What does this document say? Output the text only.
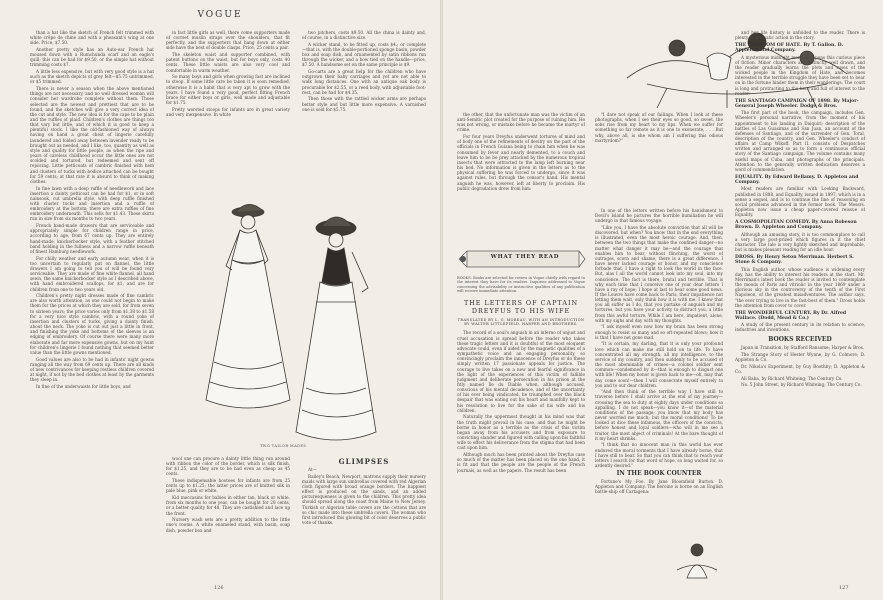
VOGUE

than a hat like the sketch of French felt trimmed with white crêpe de chine and with a pheasant's wing at one side. Price, $7.50.

Another pretty style has an Auto-ear French hat moused down with a Rumchunda scarf and an eagle's quill; this can be had for $9.50, or the simple hat without trimming costs $7.

A little less expensive, but with very good style is a hat such as the sketch depicts of grey felt—$5.75 untrimmed, or $5 trimmed.

There is never a season when the above mentioned things are not necessary, and no well dressed woman will consider her wardrobe complete without them. Those selected are the newest and prettiest that are to be found, and the sketches will give a very correct idea of the cut and style. The new idea is for the cape to be plain and the ruffles of plaid. Children's clothes are things too that vary but little, and of which it is good to keep a plentiful stock. I like the old-fashioned way of always having on hand a great chest of lingerie carefully laundered and folded away between lavender ready to be brought out as needed, and I like, too, quantity as well as style and quality for little people, as when the ripe and years of careless childhood occur the little ones are not scolded and tortured, but redeemed and sent off rejoicing. Little petticoats of cambric finished with hem and clusters of tucks with bodice attached can be bought for 59 cents; at that rate it is absurd to think of making clothes.

In fine lawn with a deep ruffle of needlework and lace insertion a dainty petticoat can be had for $1, or in soft nainsook, cut umbrella style, with deep ruffle finished with cluster tucks and insertion and a ruffle of embroidery at the bottom; there are extra ruffles of fine embroidery underneath. This sells for $1.43. These skirts run in size from six months to two years.

French hand-made drawers that are serviceable and appropriately simple for children range in price, according to age, from 67 cents up. They are entirely hand-made, knickerbocker style, with a feather stitched band holding in the fullness and a narrow ruffle beneath of finest Hamburg needlework.

For chilly weather and early autumn wear, when it is too uncertain to regularly put on flannel, the little drawers I am going to tell you of will be found very serviceable. They are made of fine white flannel, all hand sewn, the same knickerbocker style as I described above, with hand embroidered scallops, for $1, and are for children from one to two years old.

Children's pretty night dresses made of fine cambric are also worth attention, as one could not begin to make them for the prices at which they are sold, for from seven to sixteen years; the price varies only from $1.38 to $1.58 for a very nice style cambric, with a round yoke of insertion and clusters of tucks, giving a dainty finish, about the neck. The yoke is cut out just a little in front, and finishing the yoke and bottoms of the sleeves is an edging of embroidery. Of course there were many more elaborate and far more expensive gowns, but on my hunt for children's lingerie I found nothing that seemed better value than the little gowns mentioned.

Good values are also to be had in infants' night gowns ranging all the way from 69 cents up. There are all kinds of new contrivances for keeping restless children covered at night, if not by the bed clothes at least by the garments they sleep in.

In fine of the underwaists for little boys, and

in fact little girls as well, there come supporters made of corrset muslin straps over the shoulders, that fit perfectly, and the supporters that hang down at either side have the best of double clasps. Price, 25 cents a pair.

The skeleton waist and supporter combined, with patent buttons on the waist, but for boys only, costs 40 cents. These little waists are also very cool and comfortable in warm weather.

So many boys and girls when growing fast are inclined to stoop. If some little care be taken it is soon remedied, otherwise it is a habit that is very apt to grow with the years. I have found a very good, perfect fitting French brace for either boys or girls, well made and adjustable for $1.75.

Pretty worsted stoops for infants are in great variety and very inexpensive. In white

two pitchers, costs $9.50. All the china is dainty and, of course, in a distinctive size.

A wicker stand, to be fitted up, costs $4.; or complete—that is, with the double-portioned sponge basin, powder box and soap dish, and ornamented by satin ribbons run through the wicker, and a bow tied on the handle—price, $7.50. A handsome set on the same principle is $9.

Go-carts are a great help for the children who have outgrown their baby carriages and yet are not able to walk long distances. One with an antique oak body is procurable for $2.55, or a reed body, with adjustable foot-rest, can be had for $4.35.

Then those with the rattled wicker arms are perhaps better style and but little more expensive. A varnished one is sold for $5.75.

TWO TAILOR-MADES

wool one can procure a dainty little thing run around with ribbon the color of the border, which is silk finish, for $1.25, and they are to be had even as cheap as 45 cents.

These indispensable bootees for infants are from 25 cents up to $1.25; the latter prices are of knitted silk in pale blue, pink or white.

Kid moccasins for babies in either tan, black or white, from six months to one year, can be bought for 28 cents, or a better quality for 48. They are castishied and lace up the front.

Nursery wash sets are a pretty addition to the little one's rooms. A white enameled stand, with basin, soap dish, powder box and

GLIMPSES

At—

Bailey's Beach, Newport, matrons supply their nursery maids with large sun umbrellas covered with red Algerian cloth figured with broad orange borders. The happiest effect is produced on the sands, and an added picturesqueness is given to the children. This pretty idea should spread along the coast from Maine to New Jersey. Turkish or Algerian table covers are the cottons that are so chic made into these umbrella covers. The woman who first introduced this glowing bit of color deserves a public vote of thanks.

126
WHAT THEY READ
BOOKS: Books are selected for review in Vogue chiefly with regard to the interest they have for its readers. Inquiries addressed to Vogue concerning the advisability or instructive qualities of any publication will receive immediate attention.
THE LETTERS OF CAPTAIN DREYFUS TO HIS WIFE
TRANSLATED BY L. G. MOREAU, WITH AN INTRODUCTION BY WALTER LITTLEFIELD. HARPER AND BROTHERS.

The record of a soul's anguish in an inferno of unjust and cruel accusation is spread before the reader who takes these tragic letters and it is doubtful of the most eloquent advocate could, even if aided by the magnetic qualities of a sympathetic voice and an engaging personality, so convincingly proclaim the innocence of Dreyfus or do these simply written 17 passionate appeals for justice. The courage to live takes on a new and fearful significance in the light of the experiences of this victim of fallible judgment and deliberate persecution in his prison at the fitly named Ile du Diable when, although accused, conscious of his mental decadence, and of the uncertainty of his ever being vindicated, he triumphed over the black despair that was eating out his heart and manfully kept to his resolution to live for the sake of his wife and his children.

Naturally the uppermost thought in his mind was that the truth might prevail in his case, and that he might be borne in honor as a terrible as the crisis of this victim began away from his accusers and from exposure to convicting slander and figured with calling upon his faithful wife to effect his deliverance from the stigma that had been cast upon him.

Although much has been printed about the Dreyfus case so much of the matter has been placed on the one hand, it is fit and that the people are the people of the French journals, as well as the papers. The result has been

In one of the letters written before his banishment to Devil's Island he pictures the horrible humiliation he will undergo in that famous voyage:

"Like you, I have the absolute conviction that all will be discovered, but when? You know that in the end everything is illustrated, even the most heroic courage. And, then, between the two things that make the confined danger—no matter what danger it may be—and the courage that enables him to bear, without flinching, the worst of outrages, scorn and shame, there is a great difference. I have never lacked courage or honor, and my conscience forbade that. I have a right to look the world in the face. But, alas I all the world cannot look into my soul, into my conscience. The fact is there, brutal and terrible. That is why each time that I conceive one of your dear letters I have a ray of hope; I hope at last to hear some good news. If the Louvre have come back to Paris, their impatience not letting them wait, only think how it is with me. I know that you all suffer as I do, that you partake of anguish and my tortures, but you have your activity to distract you, a little from this awful torture. While I am here, impatient, alone, with my sighs and day with my thoughts.

"I ask myself even now how my brain has been strong enough to resist so many and so oft-repeated blows; how it is that I have not gone mad.

"It is certain, my darling, that it is only your profound love which can make me still hold on to life. To have concentrated all my strength, all my intelligence, to the service of my country, and then suddenly to be accused of the most abominable of crimes—a colonel soldier sent common—condemned by it—that is enough to disgust one with life! When my honor is given back to me—oh, may that day come soon!—then I will consecrate myself entirely to you and to our dear children.

"And then think of the terrible way I have still to traverse before I shall arrive at the end of my journey—crossing the sea to duty at eighty days under conditions so appalling. I do not speak—you know it—of the material conditions of the passage; you know that my body has never worried me much; but the moral conditions! To be looked at dice these infamous, the officers of the convicts, before honest and loyal soldiers—who will in me see a traitor, the most abject of criminals! At the bare thought of it my heart shrinks.

"I think that no innocent man in this world has ever endured the moral torments that I have already borne, that I have still to bear. So that you can think that to reach your letters I search for that word of hope, so long waited for, so ardently desired."

IN THE BOOK COUNTER

Fortune's My Foe. By Jane Bloomfield Burton. D. Appleton and Company. The heroine is borne on an English battle-ship off Cartagena:

"I dare not speak of our failings. When I look at these photographs, when I see their eyes so good, so sweet, the sobs rise from my heart to my lips. When we suffer for something so far remote as it is one to exonerate, . . . But why, above all, is she whom am I suffering this odious martyrdom?"

and her life history is unfolded to the reader. There is plenty of dramatic action in the story.

THE KINGDOM OF HATE. By T. Gallon. D. Appleton and Company.

A mysterious midnight marriage opens this curious piece of fiction. Minor characters are distinctly well drawn, and the reader gradually learns the plots and ruses of the wicked people in the Kingdom of Hate, and becomes interested in the terrible struggle they have been set to bear on in the fortune hinder them in their wanderings. The court is long and protracting to the hero and full of interest to the reader.

THE SANTIAGO CAMPAIGN OF 1898. By Major-General Joseph Wheeler. Dodge & Bros.

The first part of the book, the campaign, includes Gen. Wheeler's personal narrative, from the moment of his appointment to his landing in Daiquiri; description of the battles of Las Guasimas and San Juan, an account of the defenses of Santiago, and of the surrender of Gen. Toral, description of the country, and Gen. Wheeler's conduct of affairs at Camp Wikoff. Part II. consists of Despatches written and arranged so as to form a continuous official story of the Santiago campaign. The volume contains many useful maps of Cuba, and photographs of the principals. Attention to the generally written dedication deserves a word of commendation.

EQUALITY. By Edward Bellamy. D. Appleton and Company.

Most readers are familiar with Looking Backward, published in 1888, and Equality, issued in 1897, which is in a sense a sequel, and is to continue the line of reasoning on social problems advanced in the former book. The Messrs. Appleton now issue a cheap paper-covered reissue of Equality.

A COSMOPOLITAN COMEDY. By Anna Robeson Brown. D. Appleton and Company.

Although an amusing story, it is too commonplace to call a very large post-prized which figures in it the chief character. The tale is very lightly sketched and improbable, but is makes pleasant reading for an idle hour.

DROSS. By Henry Seton Merriman. Herbert S. Stone & Company.

This English author, whose audience is widening every day, has the ability to interest his readers at the start. Mr. Merriman's latest book the reader is invited to contemplate the moods of Paris and vitriolic in the year 1869 under a glorious sky in the controversy of the tenth of the First Napoleon, of the greatest misadventures. The author says, "the ever trying to live in the fast-best of them." Dross holds the attention from cover to cover.

THE WONDERFUL CENTURY. By Dr. Alfred Wallace. (Dodd, Mead & Co.)

A study of the present century in its relation to science, industries and inventions.

BOOKS RECEIVED

Japan in Transition, by Stafford Ransome; Harper & Bros.

The Strange Story of Hester Wynne, by G. Colmore; D. Appleton & Co.

Dr. Nikola's Experiment, by Guy Boothby; D. Appleton & Co.

Ali Baba, by Richard Whiteing; The Century Co.

No. 5 John Street, by Richard Whiteing; The Century Co.

the other, that the unfortunate man was the victim of an anti-Semitic plot created for the purpose of ruining him. He was not wrong, or mistake before he became the martyr of crime.

For four years Dreyfus underwent tortures of mind and of body one of the refinements of devilry on the part of the officials in French Guiana being to chain him when he was consumed by fever and nearly demented, to a couch and leave him to be be prey attacked by the numerous tropical insects that were attracted to the lamp left burning near his bed. No information is given in the letters as to the physical suffering he was forced to undergo, since it was against rules, but through the censor's hand. His mental anguish he was, however, left at liberty to proclaim. His public degradation drew from him:

127
